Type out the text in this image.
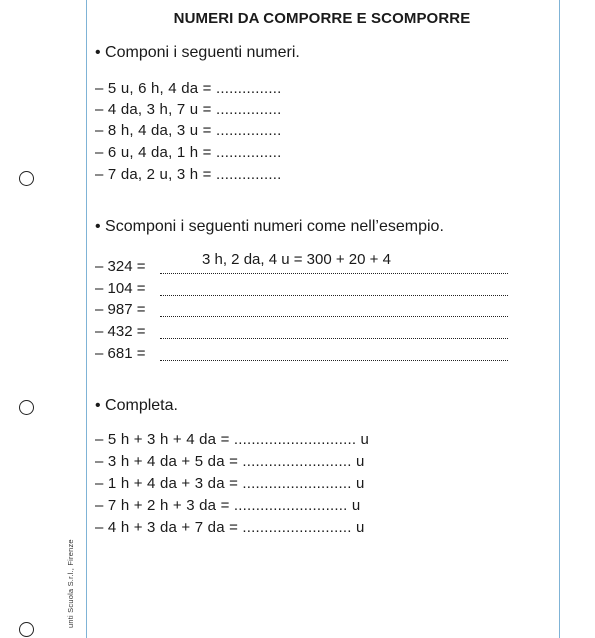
unti Scuola S.r.l., Firenze
NUMERI DA COMPORRE E SCOMPORRE
• Componi i seguenti numeri.
– 5 u, 6 h, 4 da = ...............
– 4 da, 3 h, 7 u = ...............
– 8 h, 4 da, 3 u = ...............
– 6 u, 4 da, 1 h = ...............
– 7 da, 2 u, 3 h = ...............
• Scomponi i seguenti numeri come nell’esempio.
3 h, 2 da, 4 u = 300 + 20 + 4
– 324 =
– 104 =
– 987 =
– 432 =
– 681 =
• Completa.
– 5 h + 3 h + 4 da = ............................ u
– 3 h + 4 da + 5 da = ......................... u
– 1 h + 4 da + 3 da = ......................... u
– 7 h + 2 h + 3 da = .......................... u
– 4 h + 3 da + 7 da = ......................... u
